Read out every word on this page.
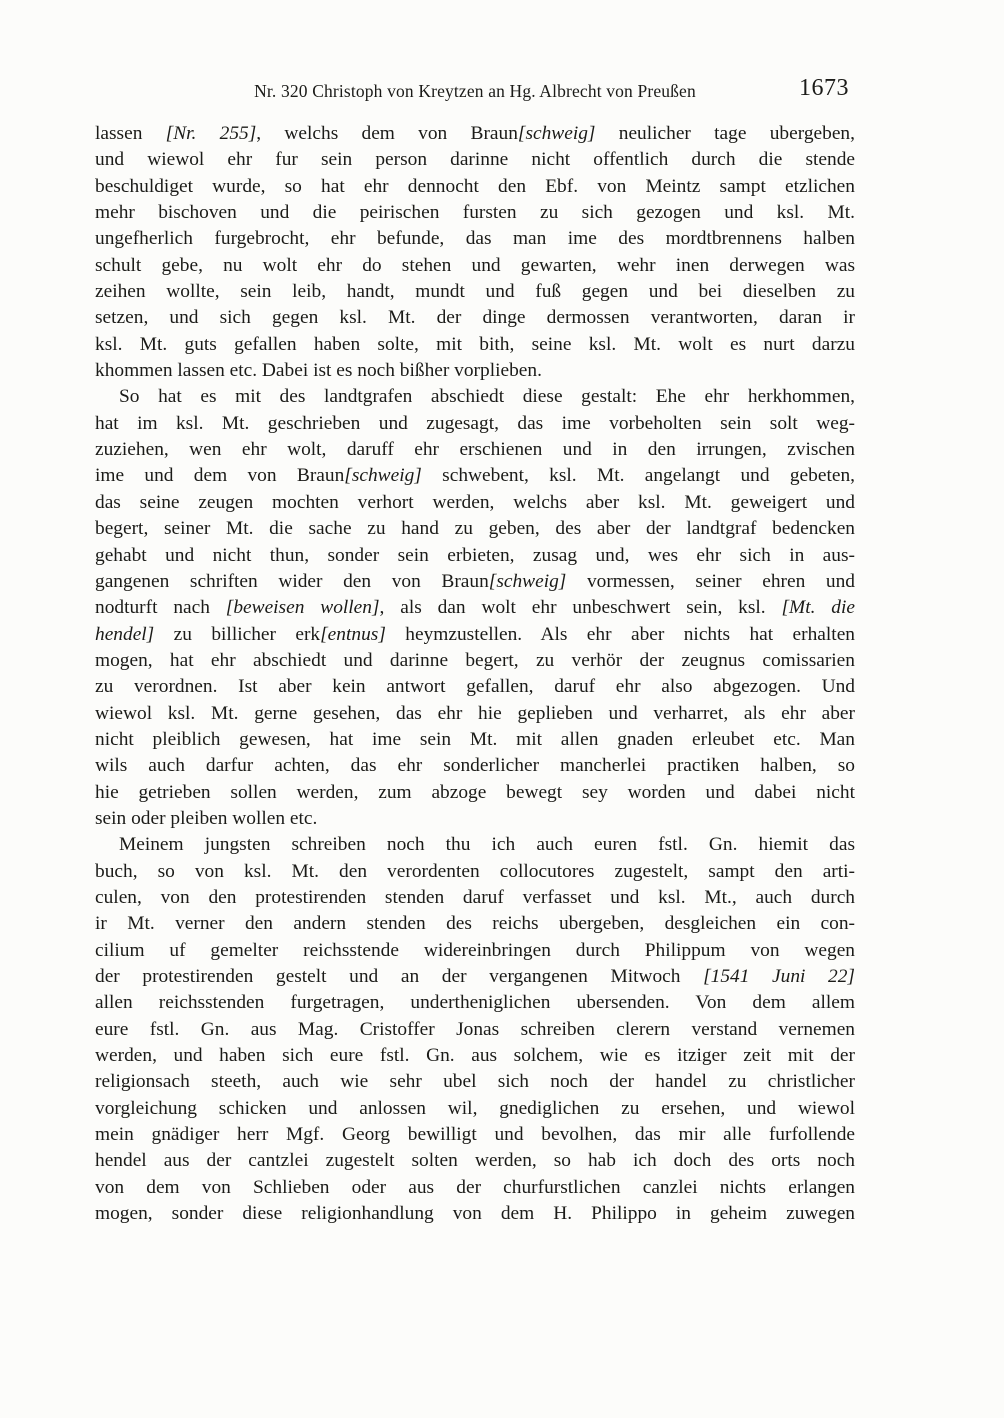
Nr. 320 Christoph von Kreytzen an Hg. Albrecht von Preußen	1673
lassen [Nr. 255], welchs dem von Braun[schweig] neulicher tage ubergeben,
und wiewol ehr fur sein person darinne nicht offentlich durch die stende
beschuldiget wurde, so hat ehr dennocht den Ebf. von Meintz sampt etzlichen
mehr bischoven und die peirischen fursten zu sich gezogen und ksl. Mt.
ungefherlich furgebrocht, ehr befunde, das man ime des mordtbrennens halben
schult gebe, nu wolt ehr do stehen und gewarten, wehr inen derwegen was
zeihen wollte, sein leib, handt, mundt und fuß gegen und bei dieselben zu
setzen, und sich gegen ksl. Mt. der dinge dermossen verantworten, daran ir
ksl. Mt. guts gefallen haben solte, mit bith, seine ksl. Mt. wolt es nurt darzu
khommen lassen etc. Dabei ist es noch bißher vorplieben.
So hat es mit des landtgrafen abschiedt diese gestalt: Ehe ehr herkhommen,
hat im ksl. Mt. geschrieben und zugesagt, das ime vorbeholten sein solt weg-
zuziehen, wen ehr wolt, daruff ehr erschienen und in den irrungen, zvischen
ime und dem von Braun[schweig] schwebent, ksl. Mt. angelangt und gebeten,
das seine zeugen mochten verhort werden, welchs aber ksl. Mt. geweigert und
begert, seiner Mt. die sache zu hand zu geben, des aber der landtgraf bedencken
gehabt und nicht thun, sonder sein erbieten, zusag und, wes ehr sich in aus-
gangenen schriften wider den von Braun[schweig] vormessen, seiner ehren und
nodturft nach [beweisen wollen], als dan wolt ehr unbeschwert sein, ksl. [Mt. die
hendel] zu billicher erk[entnus] heymzustellen. Als ehr aber nichts hat erhalten
mogen, hat ehr abschiedt und darinne begert, zu verhör der zeugnus comissarien
zu verordnen. Ist aber kein antwort gefallen, daruf ehr also abgezogen. Und
wiewol ksl. Mt. gerne gesehen, das ehr hie geplieben und verharret, als ehr aber
nicht pleiblich gewesen, hat ime sein Mt. mit allen gnaden erleubet etc. Man
wils auch darfur achten, das ehr sonderlicher mancherlei practiken halben, so
hie getrieben sollen werden, zum abzoge bewegt sey worden und dabei nicht
sein oder pleiben wollen etc.
Meinem jungsten schreiben noch thu ich auch euren fstl. Gn. hiemit das
buch, so von ksl. Mt. den verordenten collocutores zugestelt, sampt den arti-
culen, von den protestirenden stenden daruf verfasset und ksl. Mt., auch durch
ir Mt. verner den andern stenden des reichs ubergeben, desgleichen ein con-
cilium uf gemelter reichsstende widereinbringen durch Philippum von wegen
der protestirenden gestelt und an der vergangenen Mitwoch [1541 Juni 22]
allen reichsstenden furgetragen, undertheniglichen ubersenden. Von dem allem
eure fstl. Gn. aus Mag. Cristoffer Jonas schreiben clerern verstand vernemen
werden, und haben sich eure fstl. Gn. aus solchem, wie es itziger zeit mit der
religionsach steeth, auch wie sehr ubel sich noch der handel zu christlicher
vorgleichung schicken und anlossen wil, gnediglichen zu ersehen, und wiewol
mein gnädiger herr Mgf. Georg bewilligt und bevolhen, das mir alle furfollende
hendel aus der cantzlei zugestelt solten werden, so hab ich doch des orts noch
von dem von Schlieben oder aus der churfurstlichen canzlei nichts erlangen
mogen, sonder diese religionhandlung von dem H. Philippo in geheim zuwegen
